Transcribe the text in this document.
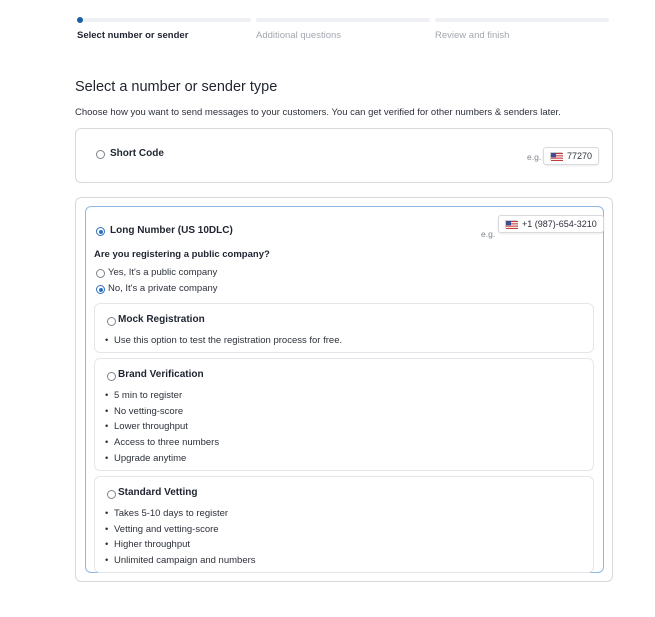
Select number or sender	Additional questions	Review and finish
Select a number or sender type
Choose how you want to send messages to your customers. You can get verified for other numbers & senders later.
Short Code	e.g.	77270
Long Number (US 10DLC)	e.g.
+1 (987)-654-3210
Are you registering a public company?
Yes, It's a public company
No, It's a private company
Mock Registration
• Use this option to test the registration process for free.
Brand Verification
• 5 min to register
• No vetting-score
• Lower throughput
• Access to three numbers
• Upgrade anytime
Standard Vetting
• Takes 5-10 days to register
• Vetting and vetting-score
• Higher throughput
• Unlimited campaign and numbers
